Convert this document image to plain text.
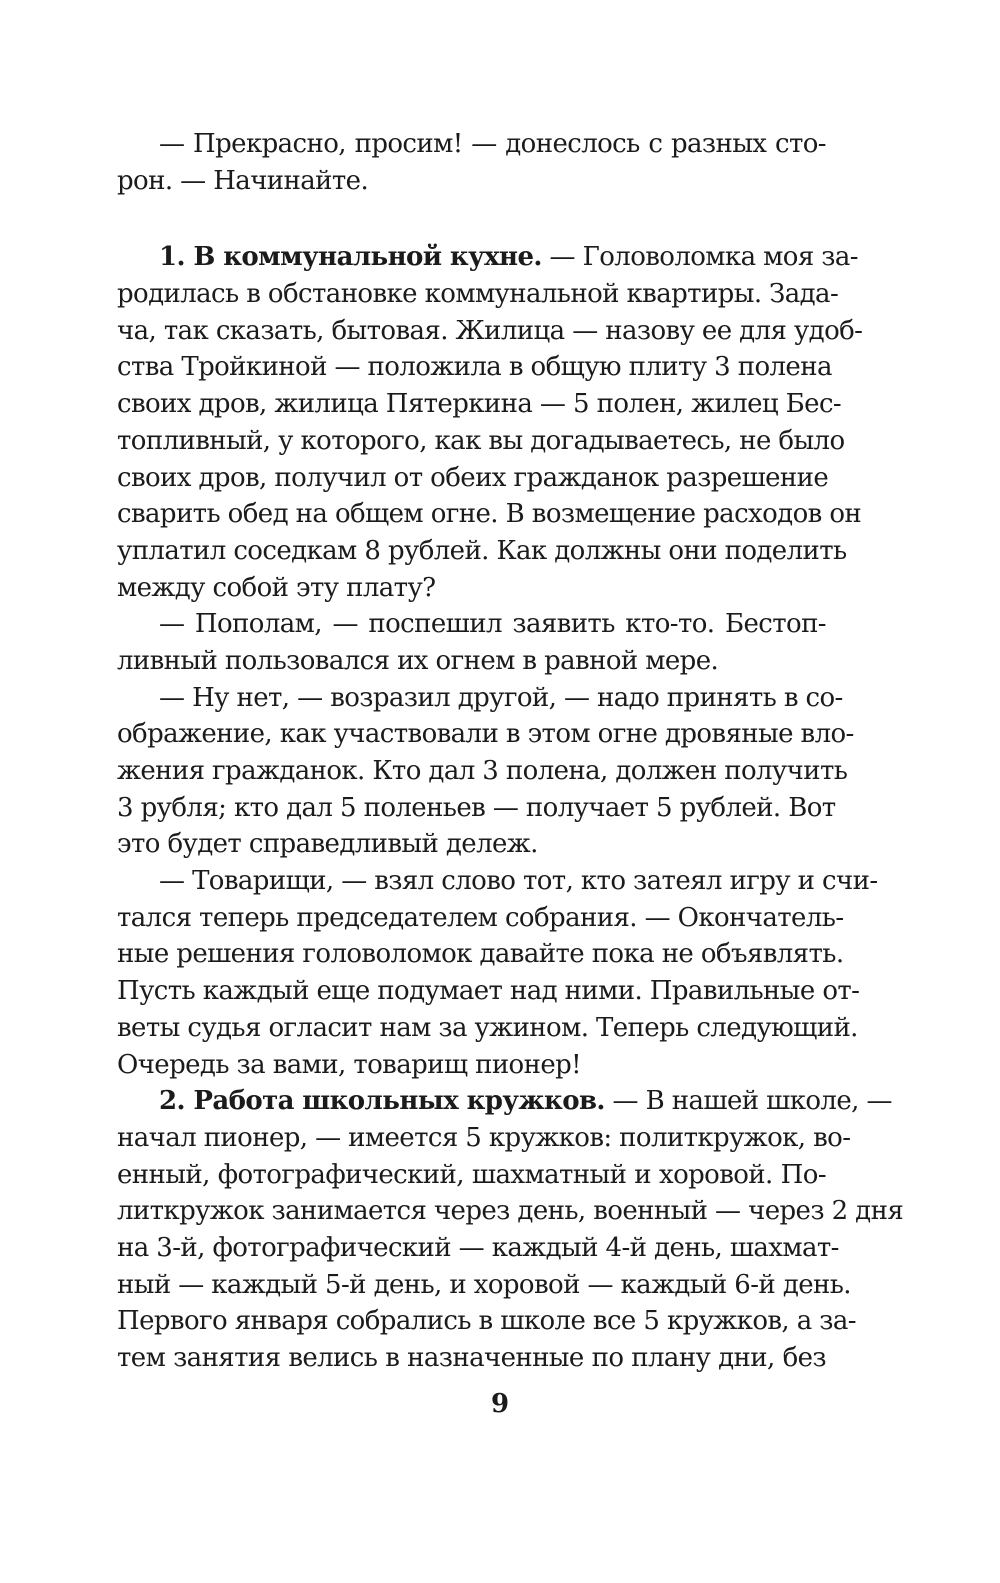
— Прекрасно, просим! — донеслось с разных сто-
рон. — Начинайте.
1. В коммунальной кухне. — Головоломка моя за-
родилась в обстановке коммунальной квартиры. Зада-
ча, так сказать, бытовая. Жилица — назову ее для удоб-
ства Тройкиной — положила в общую плиту 3 полена
своих дров, жилица Пятеркина — 5 полен, жилец Бес-
топливный, у которого, как вы догадываетесь, не было
своих дров, получил от обеих гражданок разрешение
сварить обед на общем огне. В возмещение расходов он
уплатил соседкам 8 рублей. Как должны они поделить
между собой эту плату?
— Пополам, — поспешил заявить кто-то. Бестоп-
ливный пользовался их огнем в равной мере.
— Ну нет, — возразил другой, — надо принять в со-
ображение, как участвовали в этом огне дровяные вло-
жения гражданок. Кто дал 3 полена, должен получить
3 рубля; кто дал 5 поленьев — получает 5 рублей. Вот
это будет справедливый дележ.
— Товарищи, — взял слово тот, кто затеял игру и счи-
тался теперь председателем собрания. — Окончатель-
ные решения головоломок давайте пока не объявлять.
Пусть каждый еще подумает над ними. Правильные от-
веты судья огласит нам за ужином. Теперь следующий.
Очередь за вами, товарищ пионер!
2. Работа школьных кружков. — В нашей школе, —
начал пионер, — имеется 5 кружков: политкружок, во-
енный, фотографический, шахматный и хоровой. По-
литкружок занимается через день, военный — через 2 дня
на 3-й, фотографический — каждый 4-й день, шахмат-
ный — каждый 5-й день, и хоровой — каждый 6-й день.
Первого января собрались в школе все 5 кружков, а за-
тем занятия велись в назначенные по плану дни, без
9
